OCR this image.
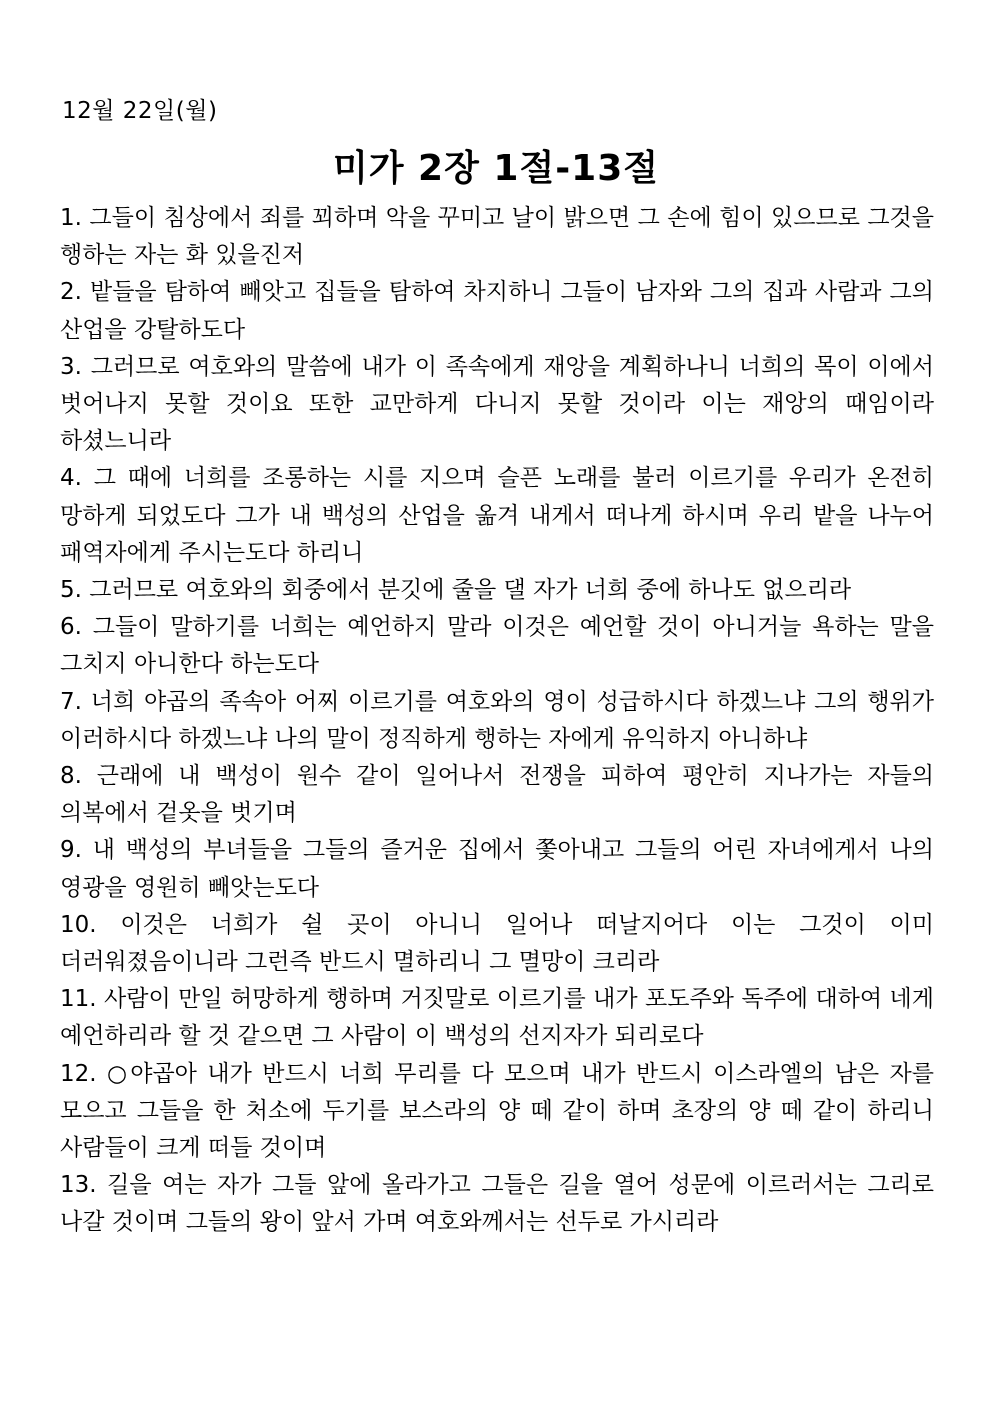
12월 22일(월)
미가 2장 1절-13절
1. 그들이 침상에서 죄를 꾀하며 악을 꾸미고 날이 밝으면 그 손에 힘이 있으므로 그것을 행하는 자는 화 있을진저
2. 밭들을 탐하여 빼앗고 집들을 탐하여 차지하니 그들이 남자와 그의 집과 사람과 그의 산업을 강탈하도다
3. 그러므로 여호와의 말씀에 내가 이 족속에게 재앙을 계획하나니 너희의 목이 이에서 벗어나지 못할 것이요 또한 교만하게 다니지 못할 것이라 이는 재앙의 때임이라 하셨느니라
4. 그 때에 너희를 조롱하는 시를 지으며 슬픈 노래를 불러 이르기를 우리가 온전히 망하게 되었도다 그가 내 백성의 산업을 옮겨 내게서 떠나게 하시며 우리 밭을 나누어 패역자에게 주시는도다 하리니
5. 그러므로 여호와의 회중에서 분깃에 줄을 댈 자가 너희 중에 하나도 없으리라
6. 그들이 말하기를 너희는 예언하지 말라 이것은 예언할 것이 아니거늘 욕하는 말을 그치지 아니한다 하는도다
7. 너희 야곱의 족속아 어찌 이르기를 여호와의 영이 성급하시다 하겠느냐 그의 행위가 이러하시다 하겠느냐 나의 말이 정직하게 행하는 자에게 유익하지 아니하냐
8. 근래에 내 백성이 원수 같이 일어나서 전쟁을 피하여 평안히 지나가는 자들의 의복에서 겉옷을 벗기며
9. 내 백성의 부녀들을 그들의 즐거운 집에서 쫓아내고 그들의 어린 자녀에게서 나의 영광을 영원히 빼앗는도다
10. 이것은 너희가 쉴 곳이 아니니 일어나 떠날지어다 이는 그것이 이미 더러워졌음이니라 그런즉 반드시 멸하리니 그 멸망이 크리라
11. 사람이 만일 허망하게 행하며 거짓말로 이르기를 내가 포도주와 독주에 대하여 네게 예언하리라 할 것 같으면 그 사람이 이 백성의 선지자가 되리로다
12. ○야곱아 내가 반드시 너희 무리를 다 모으며 내가 반드시 이스라엘의 남은 자를 모으고 그들을 한 처소에 두기를 보스라의 양 떼 같이 하며 초장의 양 떼 같이 하리니 사람들이 크게 떠들 것이며
13. 길을 여는 자가 그들 앞에 올라가고 그들은 길을 열어 성문에 이르러서는 그리로 나갈 것이며 그들의 왕이 앞서 가며 여호와께서는 선두로 가시리라
